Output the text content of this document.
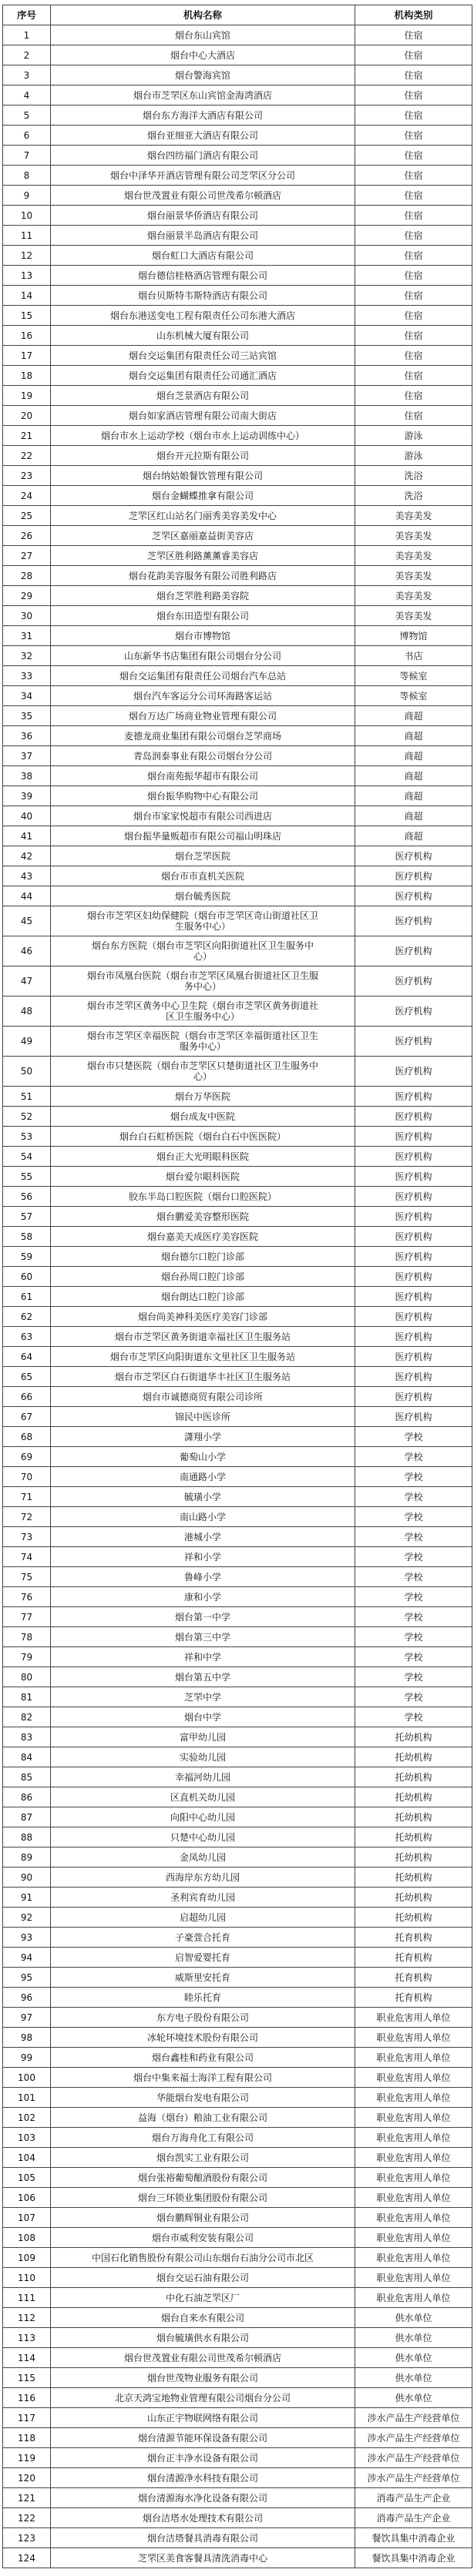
序号	机构名称	机构类别
1	烟台东山宾馆	住宿
2	烟台中心大酒店	住宿
3	烟台警海宾馆	住宿
4	烟台市芝罘区东山宾馆金海湾酒店	住宿
5	烟台东方海洋大酒店有限公司	住宿
6	烟台亚细亚大酒店有限公司	住宿
7	烟台四纺福门酒店有限公司	住宿
8	烟台中泽华开酒店管理有限公司芝罘区分公司	住宿
9	烟台世茂置业有限公司世茂希尔顿酒店	住宿
10	烟台丽景华侨酒店有限公司	住宿
11	烟台丽景半岛酒店有限公司	住宿
12	烟台虹口大酒店有限公司	住宿
13	烟台德信桂格酒店管理有限公司	住宿
14	烟台贝斯特韦斯特酒店有限公司	住宿
15	烟台东港送变电工程有限责任公司东港大酒店	住宿
16	山东机械大厦有限公司	住宿
17	烟台交运集团有限责任公司三站宾馆	住宿
18	烟台交运集团有限责任公司通汇酒店	住宿
19	烟台芝景酒店有限公司	住宿
20	烟台如家酒店管理有限公司南大街店	住宿
21	烟台市水上运动学校（烟台市水上运动训练中心）	游泳
22	烟台开元拉斯有限公司	游泳
23	烟台纳姑娘餐饮管理有限公司	洗浴
24	烟台金蝴蝶推拿有限公司	洗浴
25	芝罘区红山站名门丽秀美容美发中心	美容美发
26	芝罘区嘉丽嘉益街美容店	美容美发
27	芝罘区胜利路薰薰睿美容店	美容美发
28	烟台花韵美容服务有限公司胜利路店	美容美发
29	烟台芝罘胜利路美容院	美容美发
30	烟台东田造型有限公司	美容美发
31	烟台市博物馆	博物馆
32	山东新华书店集团有限公司烟台分公司	书店
33	烟台交运集团有限责任公司烟台汽车总站	等候室
34	烟台汽车客运分公司环海路客运站	等候室
35	烟台万达广场商业物业管理有限公司	商超
36	麦德龙商业集团有限公司烟台芝罘商场	商超
37	青岛润泰事业有限公司烟台分公司	商超
38	烟台南苑振华超市有限公司	商超
39	烟台振华购物中心有限公司	商超
40	烟台市家家悦超市有限公司西进店	商超
41	烟台振华量贩超市有限公司福山明珠店	商超
42	烟台芝罘医院	医疗机构
43	烟台市市直机关医院	医疗机构
44	烟台毓秀医院	医疗机构
45	烟台市芝罘区妇幼保健院（烟台市芝罘区奇山街道社区卫生服务中心）	医疗机构
46	烟台东方医院（烟台市芝罘区向阳街道社区卫生服务中心）	医疗机构
47	烟台市凤凰台医院（烟台市芝罘区凤凰台街道社区卫生服务中心）	医疗机构
48	烟台市芝罘区黄务中心卫生院（烟台市芝罘区黄务街道社区卫生服务中心）	医疗机构
49	烟台市芝罘区幸福医院（烟台市芝罘区幸福街道社区卫生服务中心）	医疗机构
50	烟台市只楚医院（烟台市芝罘区只楚街道社区卫生服务中心）	医疗机构
51	烟台万华医院	医疗机构
52	烟台成友中医院	医疗机构
53	烟台白石虹桥医院（烟台白石中医医院）	医疗机构
54	烟台正大光明眼科医院	医疗机构
55	烟台爱尔眼科医院	医疗机构
56	胶东半岛口腔医院（烟台口腔医院）	医疗机构
57	烟台鹏爱美容整形医院	医疗机构
58	烟台嘉美天成医疗美容医院	医疗机构
59	烟台德尔口腔门诊部	医疗机构
60	烟台孙周口腔门诊部	医疗机构
61	烟台朗达口腔门诊部	医疗机构
62	烟台尚美神科美医疗美容门诊部	医疗机构
63	烟台市芝罘区黄务街道幸福社区卫生服务站	医疗机构
64	烟台市芝罘区向阳街道东文里社区卫生服务站	医疗机构
65	烟台市芝罘区白石街道华丰社区卫生服务站	医疗机构
66	烟台市诚德商贸有限公司诊所	医疗机构
67	锦民中医诊所	医疗机构
68	潇翔小学	学校
69	葡萄山小学	学校
70	南通路小学	学校
71	毓璜小学	学校
72	南山路小学	学校
73	港城小学	学校
74	祥和小学	学校
75	鲁峰小学	学校
76	康和小学	学校
77	烟台第一中学	学校
78	烟台第三中学	学校
79	祥和中学	学校
80	烟台第五中学	学校
81	芝罘中学	学校
82	烟台中学	学校
83	富甲幼儿园	托幼机构
84	实验幼儿园	托幼机构
85	幸福河幼儿园	托幼机构
86	区直机关幼儿园	托幼机构
87	向阳中心幼儿园	托幼机构
88	只楚中心幼儿园	托幼机构
89	金凤幼儿园	托幼机构
90	西海岸东方幼儿园	托幼机构
91	圣利宾育幼儿园	托幼机构
92	启超幼儿园	托幼机构
93	子豪萱合托育	托育机构
94	启智爱婴托育	托育机构
95	威斯里安托育	托育机构
96	睦乐托育	托育机构
97	东方电子股份有限公司	职业危害用人单位
98	冰轮环境技术股份有限公司	职业危害用人单位
99	烟台鑫桂和药业有限公司	职业危害用人单位
100	烟台中集来福士海洋工程有限公司	职业危害用人单位
101	华能烟台发电有限公司	职业危害用人单位
102	益海（烟台）粮油工业有限公司	职业危害用人单位
103	烟台万海舟化工有限公司	职业危害用人单位
104	烟台凯实工业有限公司	职业危害用人单位
105	烟台张裕葡萄酿酒股份有限公司	职业危害用人单位
106	烟台三环锁业集团股份有限公司	职业危害用人单位
107	烟台鹏辉铜业有限公司	职业危害用人单位
108	烟台市威利安装有限公司	职业危害用人单位
109	中国石化销售股份有限公司山东烟台石油分公司市北区	职业危害用人单位
110	烟台交运石油有限公司	职业危害用人单位
111	中化石油芝罘区厂	职业危害用人单位
112	烟台自来水有限公司	供水单位
113	烟台毓璜供水有限公司	供水单位
114	烟台世茂置业有限公司世茂希尔顿酒店	供水单位
115	烟台世茂物业服务有限公司	供水单位
116	北京天鸿宝地物业管理有限公司烟台分公司	供水单位
117	山东正宇物联网络有限公司	涉水产品生产经营单位
118	烟台清源节能环保设备有限公司	涉水产品生产经营单位
119	烟台正丰净水设备有限公司	涉水产品生产经营单位
120	烟台清源净水科技有限公司	涉水产品生产经营单位
121	烟台清源海水净化设备有限公司	消毒产品生产企业
122	烟台洁塔水处理技术有限公司	消毒产品生产企业
123	烟台洁塔餐具消毒有限公司	餐饮具集中消毒企业
124	芝罘区美食客餐具清洗消毒中心	餐饮具集中消毒企业
